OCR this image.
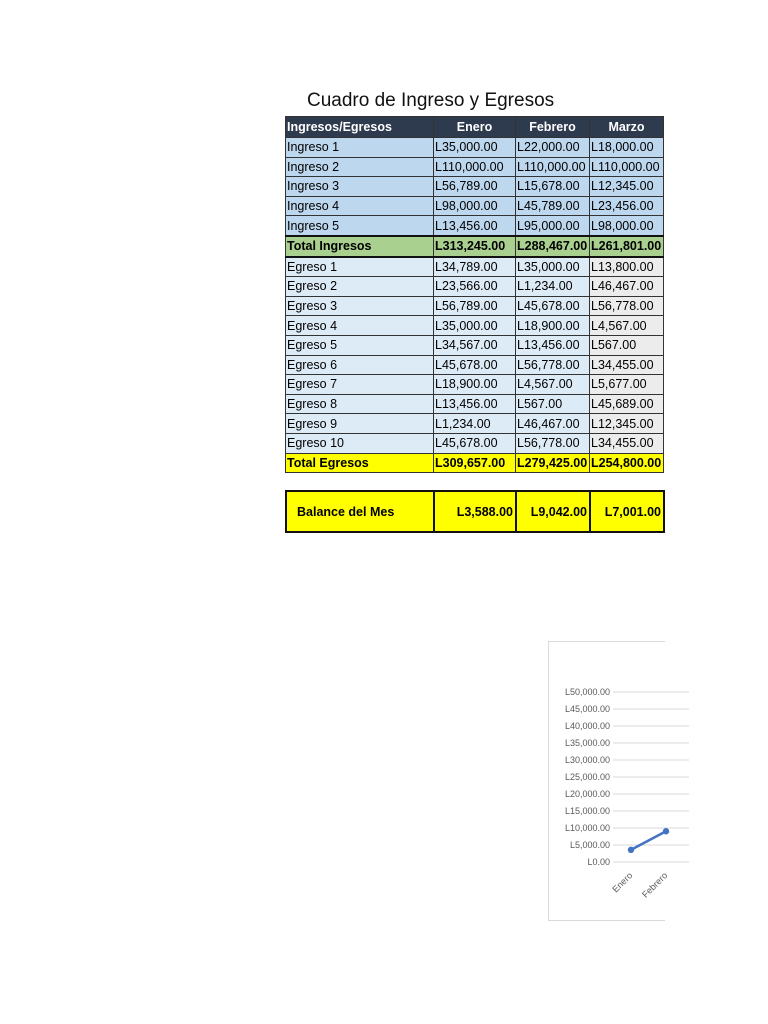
Cuadro de Ingreso y Egresos
Ingresos/Egresos	Enero	Febrero	Marzo
Ingreso 1	L35,000.00	L22,000.00	L18,000.00
Ingreso 2	L110,000.00	L110,000.00	L110,000.00
Ingreso 3	L56,789.00	L15,678.00	L12,345.00
Ingreso 4	L98,000.00	L45,789.00	L23,456.00
Ingreso 5	L13,456.00	L95,000.00	L98,000.00
Total Ingresos	L313,245.00	L288,467.00	L261,801.00
Egreso 1	L34,789.00	L35,000.00	L13,800.00
Egreso 2	L23,566.00	L1,234.00	L46,467.00
Egreso 3	L56,789.00	L45,678.00	L56,778.00
Egreso 4	L35,000.00	L18,900.00	L4,567.00
Egreso 5	L34,567.00	L13,456.00	L567.00
Egreso 6	L45,678.00	L56,778.00	L34,455.00
Egreso 7	L18,900.00	L4,567.00	L5,677.00
Egreso 8	L13,456.00	L567.00	L45,689.00
Egreso 9	L1,234.00	L46,467.00	L12,345.00
Egreso 10	L45,678.00	L56,778.00	L34,455.00
Total Egresos	L309,657.00	L279,425.00	L254,800.00
Balance del Mes	L3,588.00	L9,042.00	L7,001.00
L0.00
L5,000.00
L10,000.00
L15,000.00
L20,000.00
L25,000.00
L30,000.00
L35,000.00
L40,000.00
L45,000.00
L50,000.00
Enero Febrero
